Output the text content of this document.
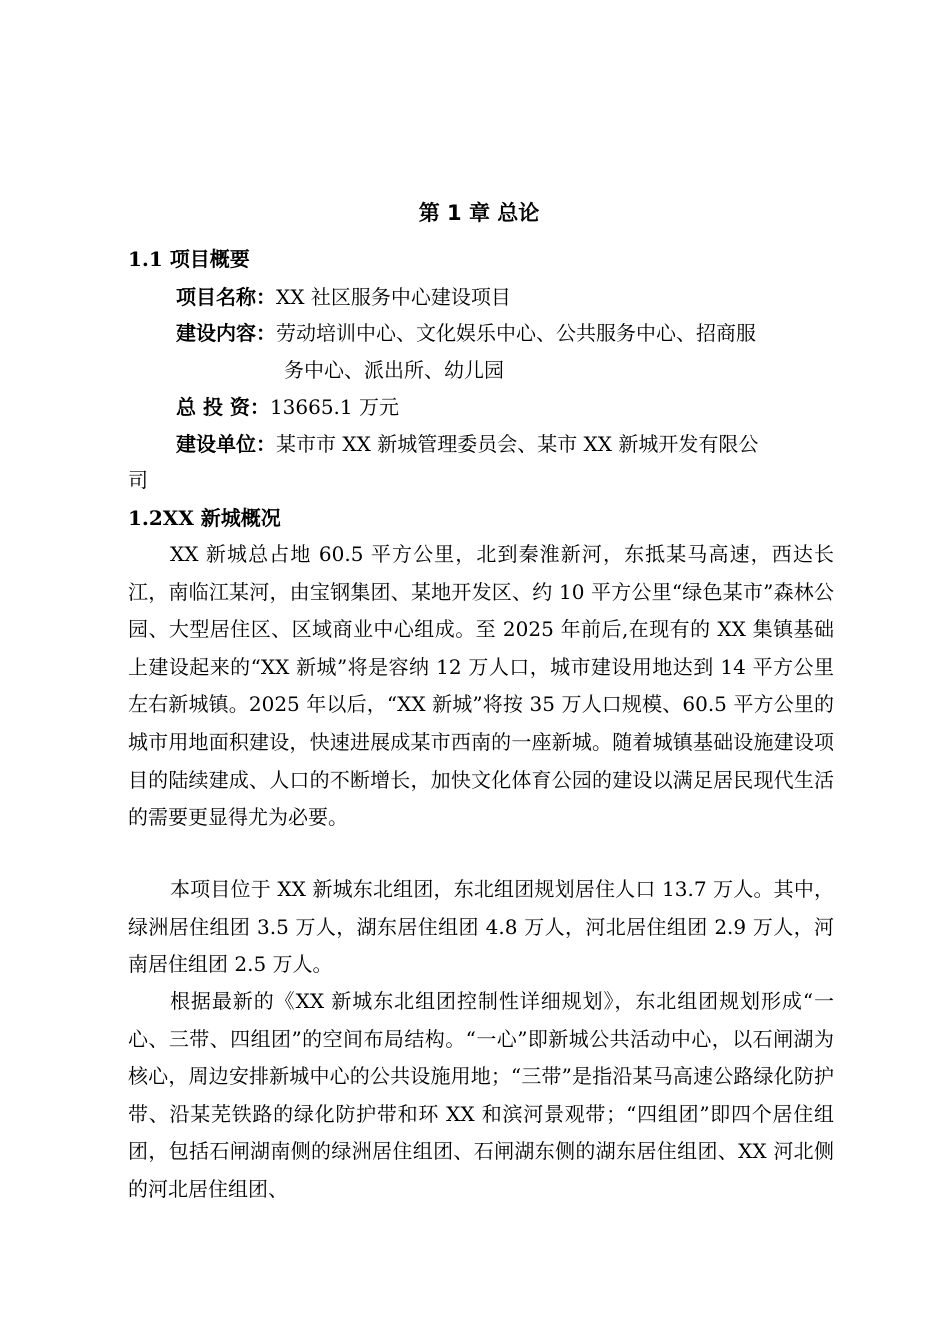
第 1 章 总论
1.1 项目概要
项目名称：XX 社区服务中心建设项目
建设内容：劳动培训中心、文化娱乐中心、公共服务中心、招商服
务中心、派出所、幼儿园
总 投 资：13665.1 万元
建设单位：某市市 XX 新城管理委员会、某市 XX 新城开发有限公
司
1.2XX 新城概况
XX 新城总占地 60.5 平方公里，北到秦淮新河，东抵某马高速，西达长江，南临江某河，由宝钢集团、某地开发区、约 10 平方公里“绿色某市”森林公园、大型居住区、区域商业中心组成。至 2025 年前后,在现有的 XX 集镇基础上建设起来的“XX 新城”将是容纳 12 万人口，城市建设用地达到 14 平方公里左右新城镇。2025 年以后，“XX 新城”将按 35 万人口规模、60.5 平方公里的城市用地面积建设，快速进展成某市西南的一座新城。随着城镇基础设施建设项目的陆续建成、人口的不断增长，加快文化体育公园的建设以满足居民现代生活的需要更显得尤为必要。
本项目位于 XX 新城东北组团，东北组团规划居住人口 13.7 万人。其中，绿洲居住组团 3.5 万人，湖东居住组团 4.8 万人，河北居住组团 2.9 万人，河南居住组团 2.5 万人。
根据最新的《XX 新城东北组团控制性详细规划》，东北组团规划形成“一心、三带、四组团”的空间布局结构。“一心”即新城公共活动中心，以石闸湖为核心，周边安排新城中心的公共设施用地；“三带”是指沿某马高速公路绿化防护带、沿某芜铁路的绿化防护带和环 XX 和滨河景观带；“四组团”即四个居住组团，包括石闸湖南侧的绿洲居住组团、石闸湖东侧的湖东居住组团、XX 河北侧的河北居住组团、
